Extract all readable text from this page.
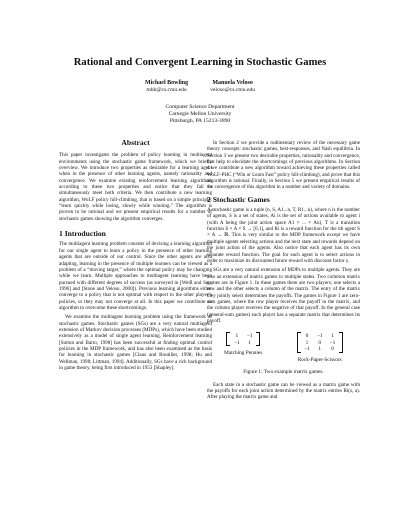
Rational and Convergent Learning in Stochastic Games
Michael Bowling
mhb@cs.cmu.edu
Manuela Veloso
veloso@cs.cmu.edu
Computer Science Department
Carnegie Mellon University
Pittsburgh, PA 15213-3890
Abstract

This paper investigates the problem of policy learning in multiagent environments using the stochastic game framework, which we briefly overview. We introduce two properties as desirable for a learning agent when in the presence of other learning agents, namely rationality and convergence. We examine existing reinforcement learning algorithms according to these two properties and notice that they fail to simultaneously meet both criteria. We then contribute a new learning algorithm, WoLF policy hill-climbing, that is based on a simple principle: “learn quickly while losing, slowly while winning.” The algorithm is proven to be rational and we present empirical results for a number of stochastic games showing the algorithm converges.

1 Introduction

The multiagent learning problem consists of devising a learning algorithm for our single agent to learn a policy in the presence of other learning agents that are outside of our control. Since the other agents are also adapting, learning in the presence of multiple learners can be viewed as a problem of a “moving target,” where the optimal policy may be changing while we learn. Multiple approaches to multiagent learning have been pursued with different degrees of success (as surveyed in [Weiß and Sen, 1996] and [Stone and Veloso, 2000]). Previous learning algorithms either converge to a policy that is not optimal with respect to the other player’s policies, or they may not converge at all. In this paper we contribute an algorithm to overcome these shortcomings.

We examine the multiagent learning problem using the framework of stochastic games. Stochastic games (SGs) are a very natural multiagent extension of Markov decision processes (MDPs), which have been studied extensively as a model of single agent learning. Reinforcement learning [Sutton and Barto, 1998] has been successful at finding optimal control policies in the MDP framework, and has also been examined as the basis for learning in stochastic games [Claus and Boutilier, 1998; Hu and Wellman, 1998; Littman, 1994]. Additionally, SGs have a rich background in game theory, being first introduced in 1953 [Shapley].

In Section 2 we provide a rudimentary review of the necessary game theory concepts: stochastic games, best-responses, and Nash equilibria. In Section 3 we present two desirable properties, rationality and convergence, that help to elucidate the shortcomings of previous algorithms. In Section 4 we contribute a new algorithm toward achieving these properties called WoLF-PHC (“Win or Learn Fast” policy hill-climbing), and prove that this algorithm is rational. Finally, in Section 5 we present empirical results of the convergence of this algorithm in a number and variety of domains.

2 Stochastic Games

A stochastic game is a tuple (n, S, A1...n, T, R1...n), where n is the number of agents, S is a set of states, Ai is the set of actions available to agent i (with A being the joint action space A1 × ... × An), T is a transition function S × A × S → [0,1], and Ri is a reward function for the ith agent S × A → ℝ. This is very similar to the MDP framework except we have multiple agents selecting actions and the next state and rewards depend on the joint action of the agents. Also notice that each agent has its own separate reward function. The goal for each agent is to select actions in order to maximize its discounted future reward with discount factor γ.

SGs are a very natural extension of MDPs to multiple agents. They are also an extension of matrix games to multiple states. Two common matrix games are in Figure 1. In these games there are two players; one selects a row and the other selects a column of the matrix. The entry of the matrix they jointly select determines the payoffs. The games in Figure 1 are zero-sum games, where the row player receives the payoff in the matrix, and the column player receives the negative of that payoff. In the general case (general-sum games) each player has a separate matrix that determines its payoff.

1	−1
−1	1
Matching Pennies
0	−1	1
1	0	−1
−1	1	0
Rock-Paper-Scissors
Figure 1: Two example matrix games.

Each state in a stochastic game can be viewed as a matrix game with the payoffs for each joint action determined by the matrix entries Ri(s, a). After playing the matrix game and
